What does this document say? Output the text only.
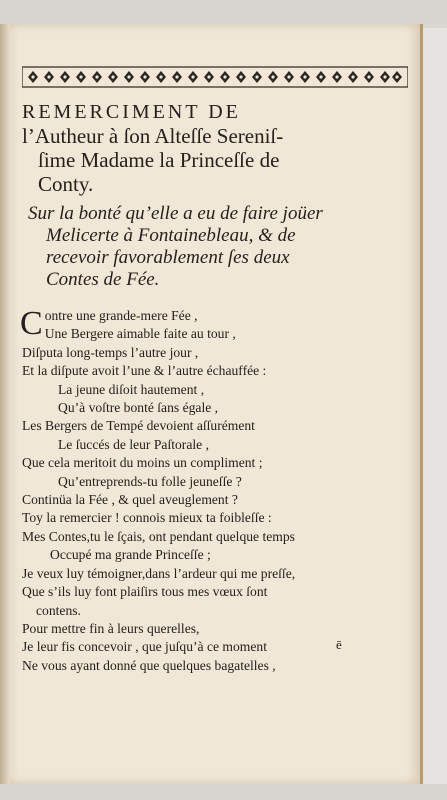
REMERCIMENT DE
l’Autheur à ſon Alteſſe Sereniſ-
ſime Madame la Princeſſe de
Conty.
Sur la bonté qu’elle a eu de faire joüer
Melicerte à Fontainebleau, & de
recevoir favorablement ſes deux
Contes de Fée.
C ontre une grande-mere Fée ,
Une Bergere aimable faite au tour ,
Diſputa long-temps l’autre jour ,
Et la diſpute avoit l’une & l’autre échauffée :
La jeune diſoit hautement ,
Qu’à voſtre bonté ſans égale ,
Les Bergers de Tempé devoient aſſurément
Le ſuccés de leur Paſtorale ,
Que cela meritoit du moins un compliment ;
Qu’entreprends-tu folle jeuneſſe ?
Continüa la Fée , & quel aveuglement ?
Toy la remercier ! connois mieux ta foibleſſe :
Mes Contes,tu le ſçais, ont pendant quelque temps
Occupé ma grande Princeſſe ;
Je veux luy témoigner,dans l’ardeur qui me preſſe,
Que s’ils luy font plaiſirs tous mes vœux ſont
contens.
Pour mettre fin à leurs querelles,
Je leur fis concevoir , que juſqu’à ce moment
Ne vous ayant donné que quelques bagatelles ,
ē
